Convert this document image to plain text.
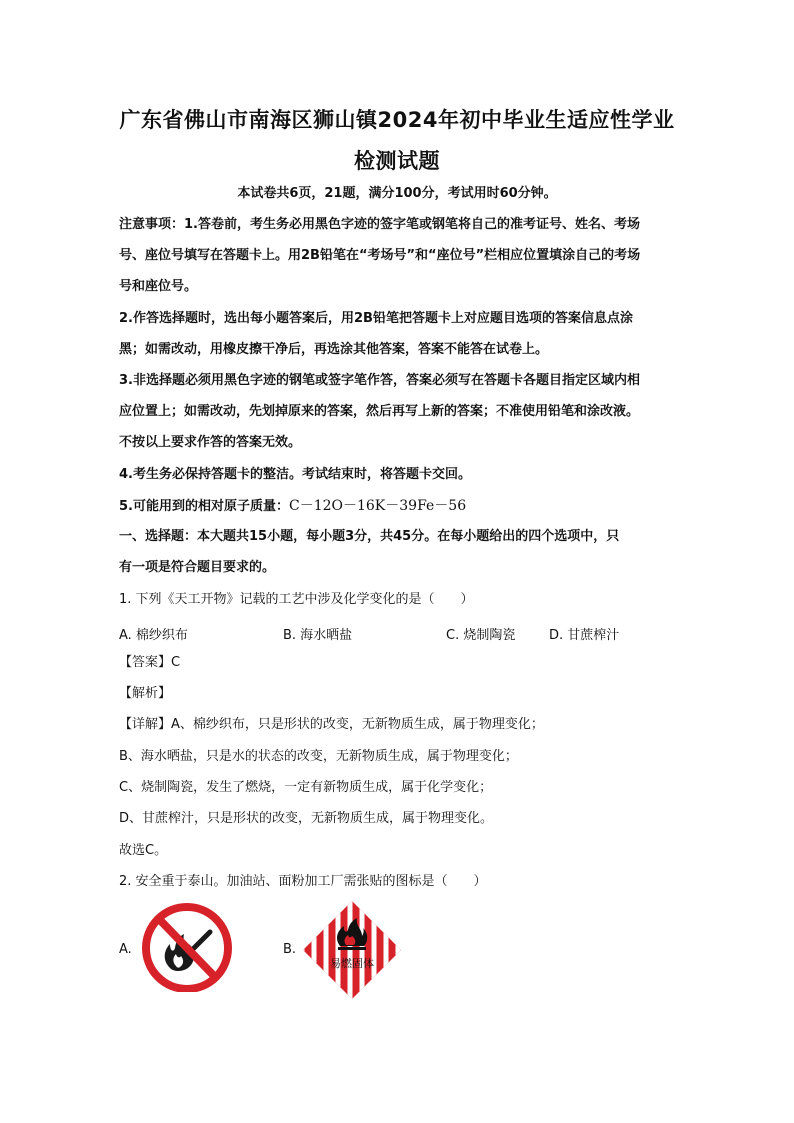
广东省佛山市南海区狮山镇2024年初中毕业生适应性学业
检测试题
本试卷共6页，21题，满分100分，考试用时60分钟。
注意事项：1.答卷前，考生务必用黑色字迹的签字笔或钢笔将自己的准考证号、姓名、考场
号、座位号填写在答题卡上。用2B铅笔在“考场号”和“座位号”栏相应位置填涂自己的考场
号和座位号。
2.作答选择题时，选出每小题答案后，用2B铅笔把答题卡上对应题目选项的答案信息点涂
黑；如需改动，用橡皮擦干净后，再选涂其他答案，答案不能答在试卷上。
3.非选择题必须用黑色字迹的钢笔或签字笔作答，答案必须写在答题卡各题目指定区域内相
应位置上；如需改动，先划掉原来的答案，然后再写上新的答案；不准使用铅笔和涂改液。
不按以上要求作答的答案无效。
4.考生务必保持答题卡的整洁。考试结束时，将答题卡交回。
5.可能用到的相对原子质量：C－12O－16K－39Fe－56
一、选择题：本大题共15小题，每小题3分，共45分。在每小题给出的四个选项中，只
有一项是符合题目要求的。
1. 下列《天工开物》记载的工艺中涉及化学变化的是（　　）
A. 棉纱织布	B. 海水晒盐	C. 烧制陶瓷	D. 甘蔗榨汁
【答案】C
【解析】
【详解】A、棉纱织布，只是形状的改变，无新物质生成，属于物理变化；
B、海水晒盐，只是水的状态的改变，无新物质生成，属于物理变化；
C、烧制陶瓷，发生了燃烧，一定有新物质生成，属于化学变化；
D、甘蔗榨汁，只是形状的改变，无新物质生成，属于物理变化。
故选C。
2. 安全重于泰山。加油站、面粉加工厂需张贴的图标是（　　）
A.	B.
易燃固体
